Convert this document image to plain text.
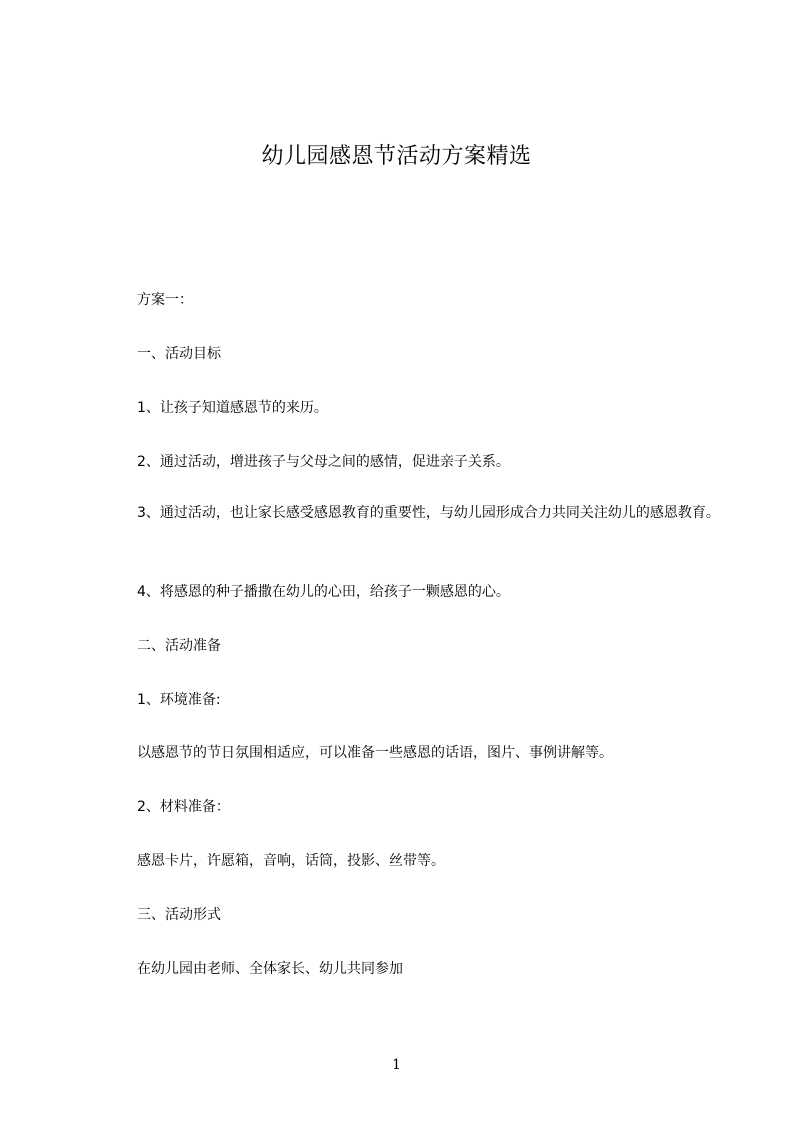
幼儿园感恩节活动方案精选

方案一：

一、活动目标

1、让孩子知道感恩节的来历。

2、通过活动，增进孩子与父母之间的感情，促进亲子关系。

3、通过活动，也让家长感受感恩教育的重要性，与幼儿园形成合力共同关注幼儿的感恩教育。

4、将感恩的种子播撒在幼儿的心田，给孩子一颗感恩的心。

二、活动准备

1、环境准备:

以感恩节的节日氛围相适应，可以准备一些感恩的话语，图片、事例讲解等。

2、材料准备：

感恩卡片，许愿箱，音响，话筒，投影、丝带等。

三、活动形式

在幼儿园由老师、全体家长、幼儿共同参加

1
